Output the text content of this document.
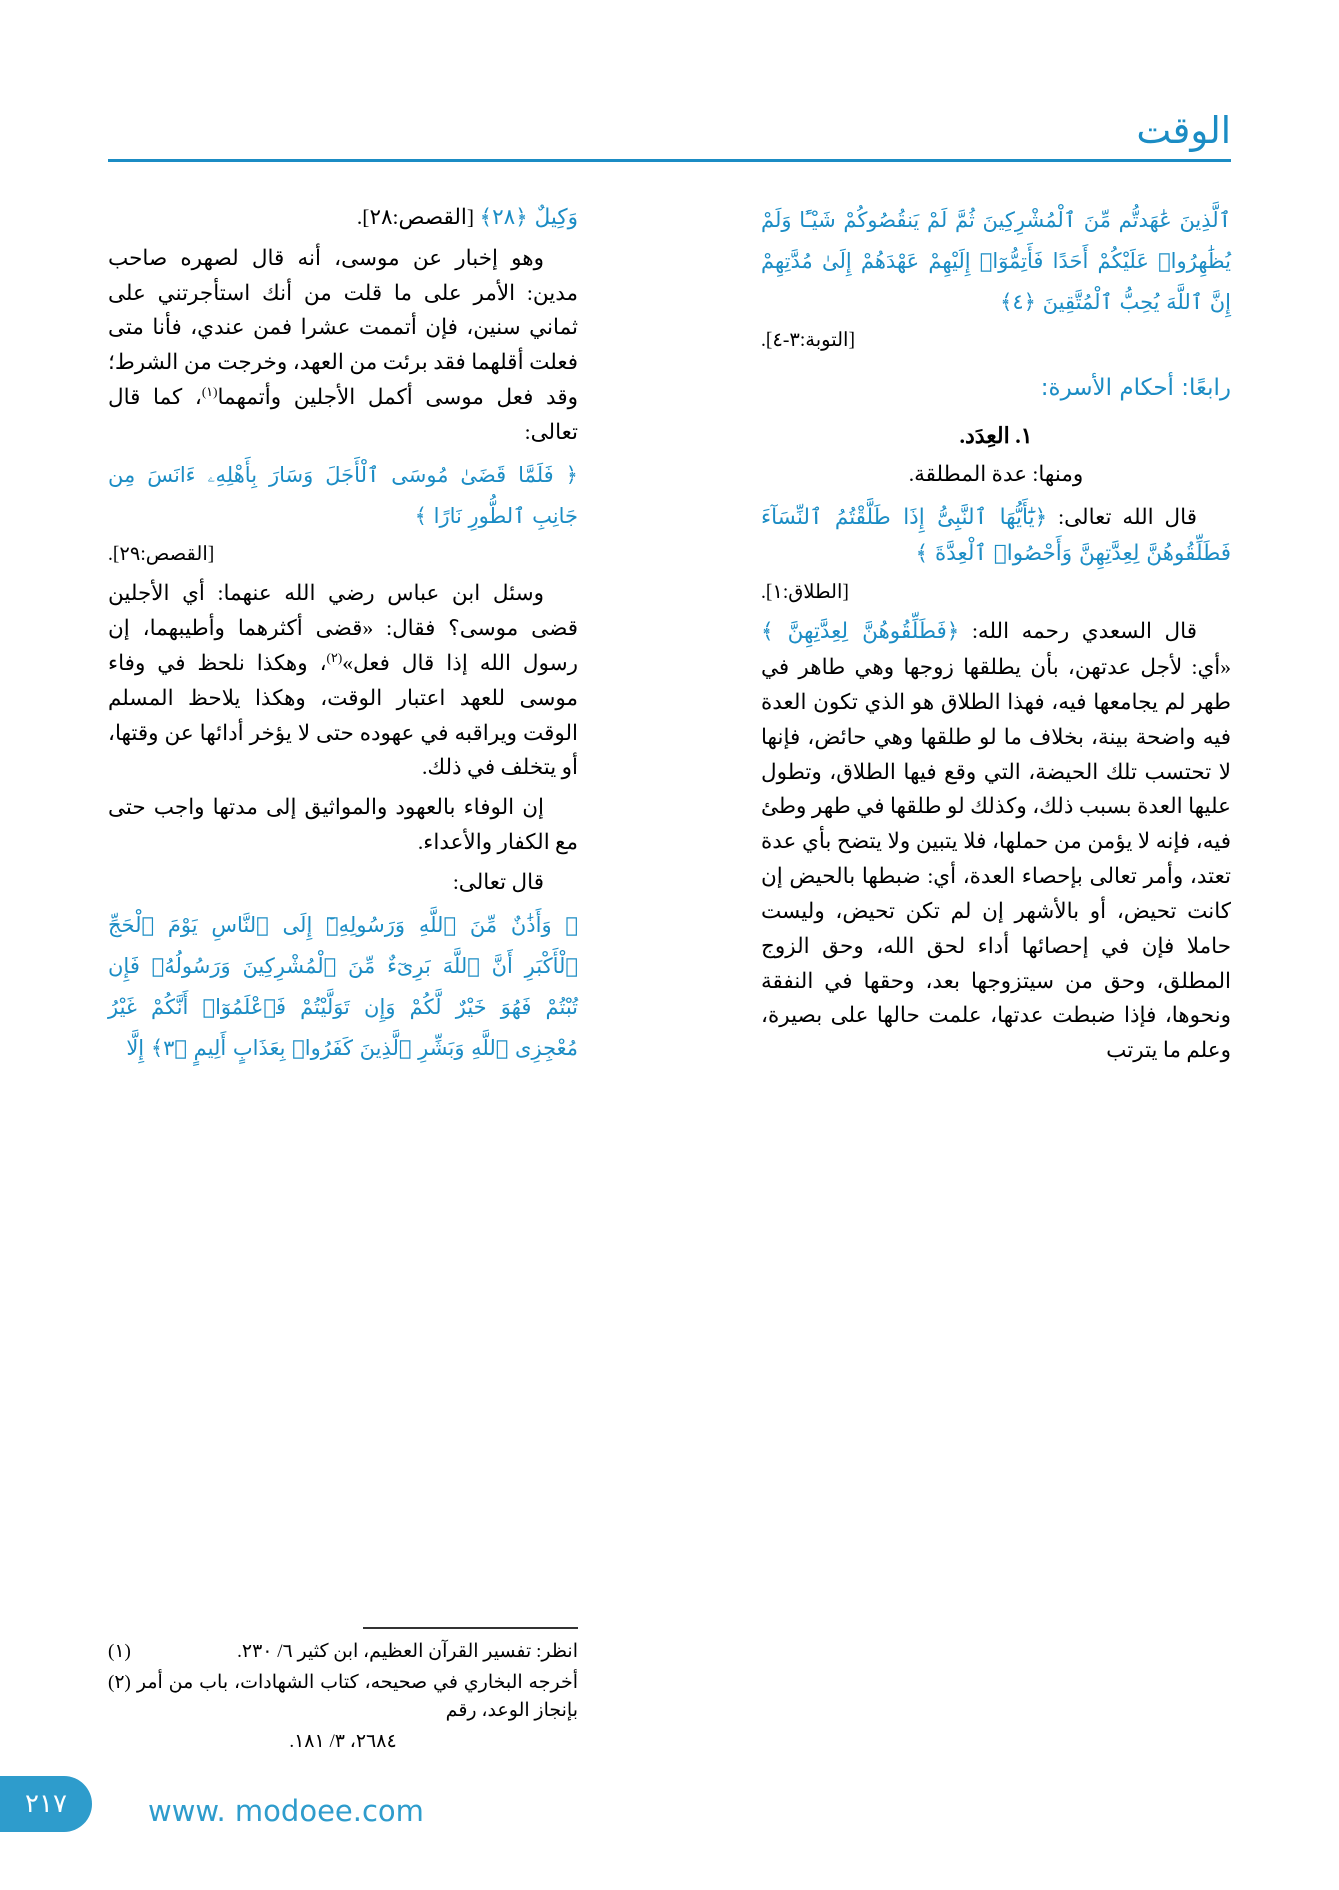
الوقت
ٱلَّذِينَ عَٰهَدتُّم مِّنَ ٱلْمُشْرِكِينَ ثُمَّ لَمْ يَنقُصُوكُمْ شَيْـًٔا وَلَمْ يُظَٰهِرُوا۟ عَلَيْكُمْ أَحَدًا فَأَتِمُّوٓا۟ إِلَيْهِمْ عَهْدَهُمْ إِلَىٰ مُدَّتِهِمْ إِنَّ ٱللَّهَ يُحِبُّ ٱلْمُتَّقِينَ ﴿٤﴾
[التوبة:٣-٤].
رابعًا: أحكام الأسرة:
١. العِدَد.
ومنها: عدة المطلقة.

قال الله تعالى: ﴿يَٰٓأَيُّهَا ٱلنَّبِىُّ إِذَا طَلَّقْتُمُ ٱلنِّسَآءَ فَطَلِّقُوهُنَّ لِعِدَّتِهِنَّ وَأَحْصُوا۟ ٱلْعِدَّةَ ﴾

[الطلاق:١].

قال السعدي رحمه الله: ﴿فَطَلِّقُوهُنَّ لِعِدَّتِهِنَّ ﴾ «أي: لأجل عدتهن، بأن يطلقها زوجها وهي طاهر في طهر لم يجامعها فيه، فهذا الطلاق هو الذي تكون العدة فيه واضحة بينة، بخلاف ما لو طلقها وهي حائض، فإنها لا تحتسب تلك الحيضة، التي وقع فيها الطلاق، وتطول عليها العدة بسبب ذلك، وكذلك لو طلقها في طهر وطئ فيه، فإنه لا يؤمن من حملها، فلا يتبين ولا يتضح بأي عدة تعتد، وأمر تعالى بإحصاء العدة، أي: ضبطها بالحيض إن كانت تحيض، أو بالأشهر إن لم تكن تحيض، وليست حاملا فإن في إحصائها أداء لحق الله، وحق الزوج المطلق، وحق من سيتزوجها بعد، وحقها في النفقة ونحوها، فإذا ضبطت عدتها، علمت حالها على بصيرة، وعلم ما يترتب

وَكِيلٌ ﴿٢٨﴾ [القصص:٢٨].

وهو إخبار عن موسى، أنه قال لصهره صاحب مدين: الأمر على ما قلت من أنك استأجرتني على ثماني سنين، فإن أتممت عشرا فمن عندي، فأنا متى فعلت أقلهما فقد برئت من العهد، وخرجت من الشرط؛ وقد فعل موسى أكمل الأجلين وأتمهما$^{(١)}$، كما قال تعالى:

﴿ فَلَمَّا قَضَىٰ مُوسَى ٱلْأَجَلَ وَسَارَ بِأَهْلِهِۦ ءَانَسَ مِن جَانِبِ ٱلطُّورِ نَارًا ﴾
[القصص:٢٩].

وسئل ابن عباس رضي الله عنهما: أي الأجلين قضى موسى؟ فقال: «قضى أكثرهما وأطيبهما، إن رسول الله إذا قال فعل»$^{(٢)}$، وهكذا نلحظ في وفاء موسى للعهد اعتبار الوقت، وهكذا يلاحظ المسلم الوقت ويراقبه في عهوده حتى لا يؤخر أدائها عن وقتها، أو يتخلف في ذلك.

إن الوفاء بالعهود والمواثيق إلى مدتها واجب حتى مع الكفار والأعداء.

قال تعالى:

﴿ وَأَذَٰنٌ مِّنَ ٱللَّهِ وَرَسُولِهِۦٓ إِلَى ٱلنَّاسِ يَوْمَ ٱلْحَجِّ ٱلْأَكْبَرِ أَنَّ ٱللَّهَ بَرِىٓءٌ مِّنَ ٱلْمُشْرِكِينَ وَرَسُولُهُۥ فَإِن تُبْتُمْ فَهُوَ خَيْرٌ لَّكُمْ وَإِن تَوَلَّيْتُمْ فَٱعْلَمُوٓا۟ أَنَّكُمْ غَيْرُ مُعْجِزِى ٱللَّهِ وَبَشِّرِ ٱلَّذِينَ كَفَرُوا۟ بِعَذَابٍ أَلِيمٍ ﴿٣﴾ إِلَّا
(١)	انظر: تفسير القرآن العظيم، ابن كثير ٦/ ٢٣٠.
(٢) أخرجه البخاري في صحيحه، كتاب الشهادات، باب من أمر بإنجاز الوعد، رقم
٢٦٨٤، ٣/ ١٨١.
٢١٧	www. modoee.com
